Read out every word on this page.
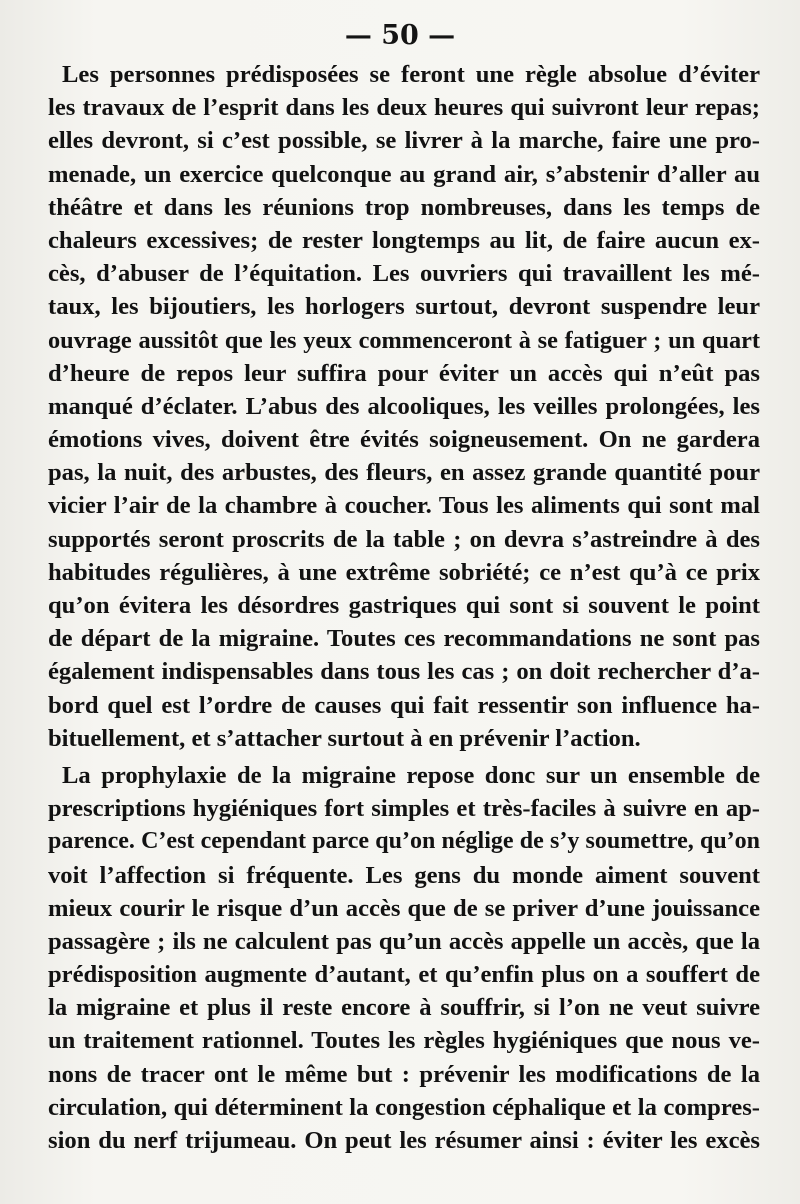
— 50 —
Les personnes prédisposées se feront une règle absolue d’éviter
les travaux de l’esprit dans les deux heures qui suivront leur repas;
elles devront, si c’est possible, se livrer à la marche, faire une pro-
menade, un exercice quelconque au grand air, s’abstenir d’aller au
théâtre et dans les réunions trop nombreuses, dans les temps de
chaleurs excessives; de rester longtemps au lit, de faire aucun ex-
cès, d’abuser de l’équitation. Les ouvriers qui travaillent les mé-
taux, les bijoutiers, les horlogers surtout, devront suspendre leur
ouvrage aussitôt que les yeux commenceront à se fatiguer ; un quart
d’heure de repos leur suffira pour éviter un accès qui n’eût pas
manqué d’éclater. L’abus des alcooliques, les veilles prolongées, les
émotions vives, doivent être évités soigneusement. On ne gardera
pas, la nuit, des arbustes, des fleurs, en assez grande quantité pour
vicier l’air de la chambre à coucher. Tous les aliments qui sont mal
supportés seront proscrits de la table ; on devra s’astreindre à des
habitudes régulières, à une extrême sobriété; ce n’est qu’à ce prix
qu’on évitera les désordres gastriques qui sont si souvent le point
de départ de la migraine. Toutes ces recommandations ne sont pas
également indispensables dans tous les cas ; on doit rechercher d’a-
bord quel est l’ordre de causes qui fait ressentir son influence ha-
bituellement, et s’attacher surtout à en prévenir l’action.
La prophylaxie de la migraine repose donc sur un ensemble de
prescriptions hygiéniques fort simples et très-faciles à suivre en ap-
parence. C’est cependant parce qu’on néglige de s’y soumettre, qu’on
voit l’affection si fréquente. Les gens du monde aiment souvent
mieux courir le risque d’un accès que de se priver d’une jouissance
passagère ; ils ne calculent pas qu’un accès appelle un accès, que la
prédisposition augmente d’autant, et qu’enfin plus on a souffert de
la migraine et plus il reste encore à souffrir, si l’on ne veut suivre
un traitement rationnel. Toutes les règles hygiéniques que nous ve-
nons de tracer ont le même but : prévenir les modifications de la
circulation, qui déterminent la congestion céphalique et la compres-
sion du nerf trijumeau. On peut les résumer ainsi : éviter les excès
